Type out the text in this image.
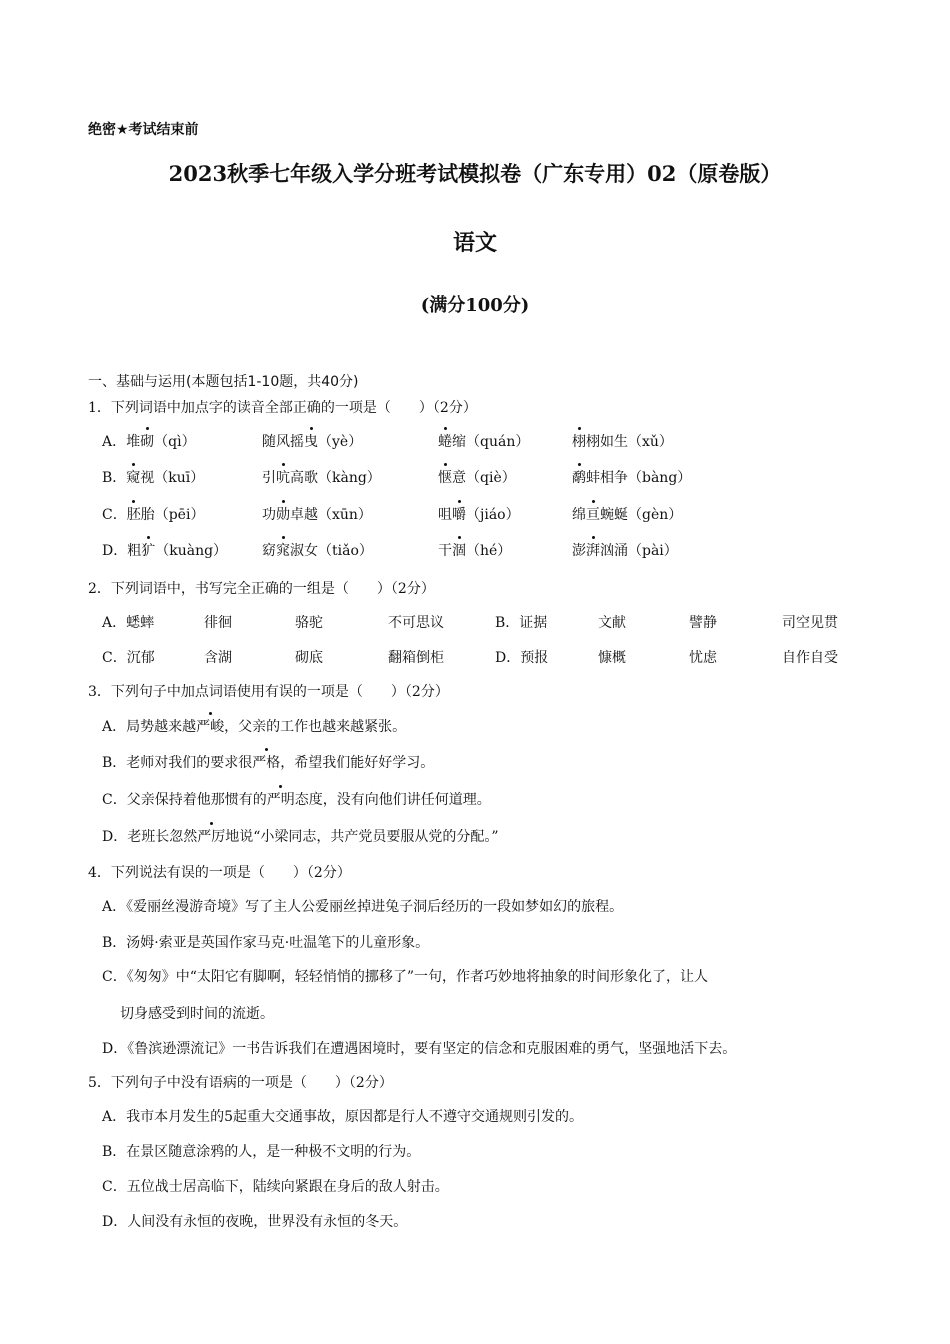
绝密★考试结束前
2023秋季七年级入学分班考试模拟卷（广东专用）02（原卷版）
语文
(满分100分)
一、基础与运用(本题包括1-10题，共40分)
1．下列词语中加点字的读音全部正确的一项是（　　）（2分）
A．堆砌（qì）	随风摇曳（yè）	蜷缩（quán）	栩栩如生（xǔ）
B．窥视（kuī）	引吭高歌（kàng）	惬意（qiè）	鹬蚌相争（bàng）
C．胚胎（pēi）	功勋卓越（xūn）	咀嚼（jiáo）	绵亘蜿蜒（gèn）
D．粗犷（kuàng） 窈窕淑女（tiǎo）	干涸（hé）	澎湃汹涌（pài）
2．下列词语中，书写完全正确的一组是（　　）（2分）
A．蟋蟀	徘徊	骆驼	不可思议	B．证据	文献	譬静	司空见贯
C．沉郁	含湖	砌底	翻箱倒柜	D．预报	慷概	忧虑	自作自受
3．下列句子中加点词语使用有误的一项是（　　）（2分）
A．局势越来越严峻，父亲的工作也越来越紧张。
B．老师对我们的要求很严格，希望我们能好好学习。
C．父亲保持着他那惯有的严明态度，没有向他们讲任何道理。
D．老班长忽然严厉地说“小梁同志，共产党员要服从党的分配。”
4．下列说法有误的一项是（　　）（2分）
A．《爱丽丝漫游奇境》写了主人公爱丽丝掉进兔子洞后经历的一段如梦如幻的旅程。
B．汤姆·索亚是英国作家马克·吐温笔下的儿童形象。
C．《匆匆》中“太阳它有脚啊，轻轻悄悄的挪移了”一句，作者巧妙地将抽象的时间形象化了，让人
切身感受到时间的流逝。
D．《鲁滨逊漂流记》一书告诉我们在遭遇困境时，要有坚定的信念和克服困难的勇气，坚强地活下去。
5．下列句子中没有语病的一项是（　　）（2分）
A．我市本月发生的5起重大交通事故，原因都是行人不遵守交通规则引发的。
B．在景区随意涂鸦的人，是一种极不文明的行为。
C．五位战士居高临下，陆续向紧跟在身后的敌人射击。
D．人间没有永恒的夜晚，世界没有永恒的冬天。
